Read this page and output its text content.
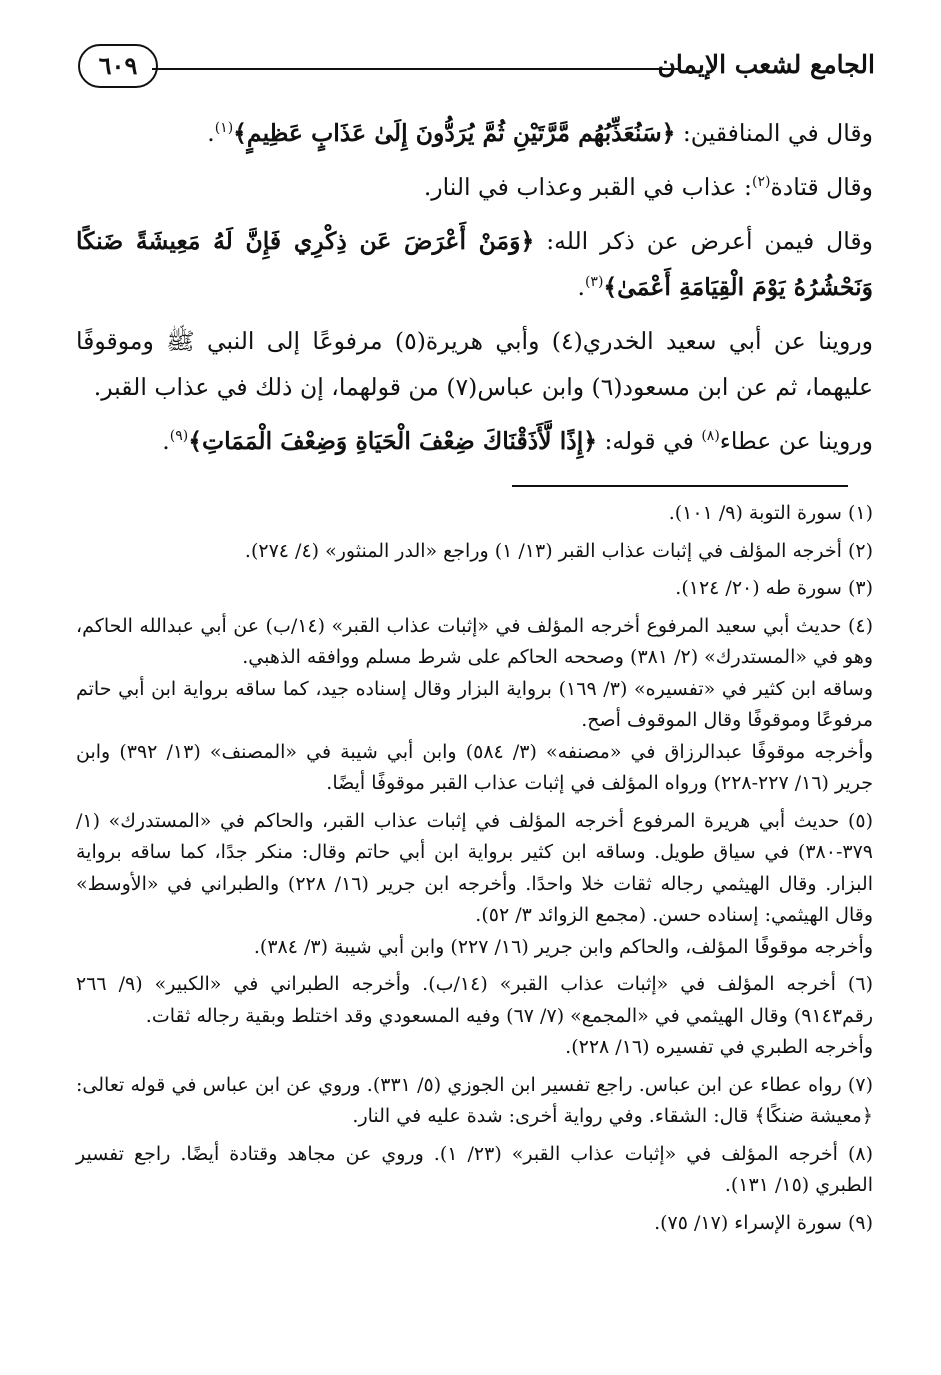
الجامع لشعب الإيمان
٦٠٩

وقال في المنافقين: ﴿سَنُعَذِّبُهُم مَّرَّتَيْنِ ثُمَّ يُرَدُّونَ إِلَىٰ عَذَابٍ عَظِيمٍ﴾$^{(١)}$.

وقال قتادة$^{(٢)}$: عذاب في القبر وعذاب في النار.

وقال فيمن أعرض عن ذكر الله: ﴿وَمَنْ أَعْرَضَ عَن ذِكْرِي فَإِنَّ لَهُ مَعِيشَةً ضَنكًا وَنَحْشُرُهُ يَوْمَ الْقِيَامَةِ أَعْمَىٰ﴾$^{(٣)}$.

وروينا عن أبي سعيد الخدري(٤) وأبي هريرة(٥) مرفوعًا إلى النبي ﷺ وموقوفًا عليهما، ثم عن ابن مسعود(٦) وابن عباس(٧) من قولهما، إن ذلك في عذاب القبر.

وروينا عن عطاء$^{(٨)}$ في قوله: ﴿إِذًا لَّأَذَقْنَاكَ ضِعْفَ الْحَيَاةِ وَضِعْفَ الْمَمَاتِ﴾$^{(٩)}$.

(١) سورة التوبة (٩/ ١٠١).

(٢) أخرجه المؤلف في إثبات عذاب القبر (١٣/ ١) وراجع «الدر المنثور» (٤/ ٢٧٤).

(٣) سورة طه (٢٠/ ١٢٤).

(٤) حديث أبي سعيد المرفوع أخرجه المؤلف في «إثبات عذاب القبر» (١٤/ب) عن أبي عبدالله الحاكم، وهو في «المستدرك» (٢/ ٣٨١) وصححه الحاكم على شرط مسلم ووافقه الذهبي.

وساقه ابن كثير في «تفسيره» (٣/ ١٦٩) برواية البزار وقال إسناده جيد، كما ساقه برواية ابن أبي حاتم مرفوعًا وموقوفًا وقال الموقوف أصح.

وأخرجه موقوفًا عبدالرزاق في «مصنفه» (٣/ ٥٨٤) وابن أبي شيبة في «المصنف» (١٣/ ٣٩٢) وابن جرير (١٦/ ٢٢٧-٢٢٨) ورواه المؤلف في إثبات عذاب القبر موقوفًا أيضًا.

(٥) حديث أبي هريرة المرفوع أخرجه المؤلف في إثبات عذاب القبر، والحاكم في «المستدرك» (١/ ٣٧٩-٣٨٠) في سياق طويل. وساقه ابن كثير برواية ابن أبي حاتم وقال: منكر جدًا، كما ساقه برواية البزار. وقال الهيثمي رجاله ثقات خلا واحدًا. وأخرجه ابن جرير (١٦/ ٢٢٨) والطبراني في «الأوسط» وقال الهيثمي: إسناده حسن. (مجمع الزوائد ٣/ ٥٢).

وأخرجه موقوفًا المؤلف، والحاكم وابن جرير (١٦/ ٢٢٧) وابن أبي شيبة (٣/ ٣٨٤).

(٦) أخرجه المؤلف في «إثبات عذاب القبر» (١٤/ب). وأخرجه الطبراني في «الكبير» (٩/ ٢٦٦ رقم٩١٤٣) وقال الهيثمي في «المجمع» (٧/ ٦٧) وفيه المسعودي وقد اختلط وبقية رجاله ثقات.

وأخرجه الطبري في تفسيره (١٦/ ٢٢٨).

(٧) رواه عطاء عن ابن عباس. راجع تفسير ابن الجوزي (٥/ ٣٣١). وروي عن ابن عباس في قوله تعالى: ﴿معيشة ضنكًا﴾ قال: الشقاء. وفي رواية أخرى: شدة عليه في النار.

(٨) أخرجه المؤلف في «إثبات عذاب القبر» (٢٣/ ١). وروي عن مجاهد وقتادة أيضًا. راجع تفسير الطبري (١٥/ ١٣١).

(٩) سورة الإسراء (١٧/ ٧٥).
